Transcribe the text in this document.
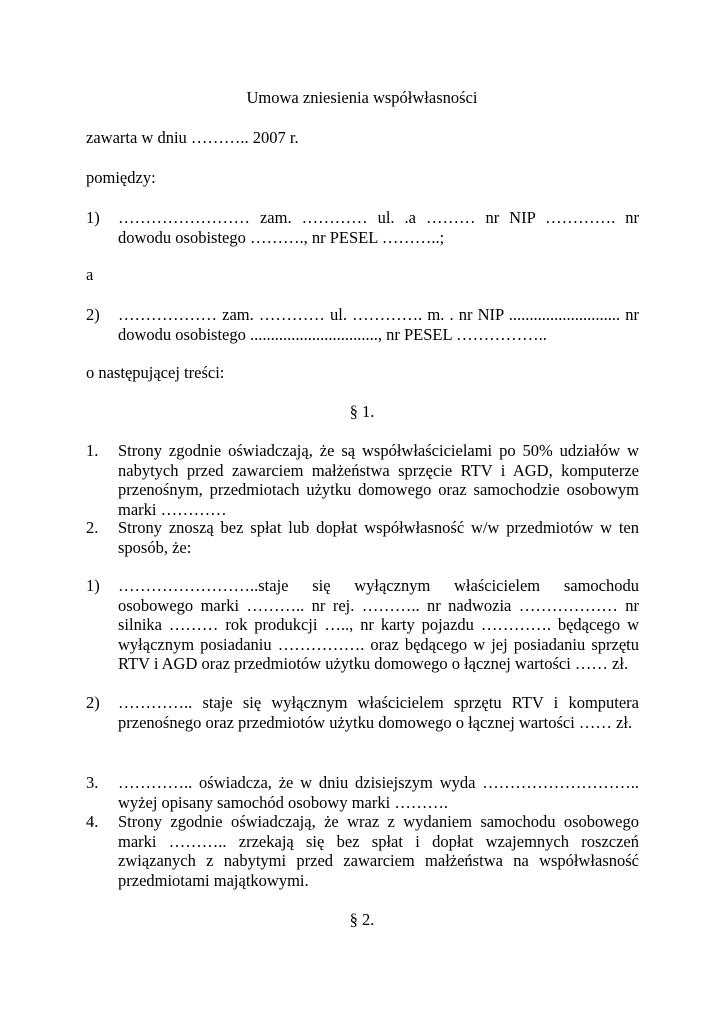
Umowa zniesienia współwłasności
zawarta w dniu ……….. 2007 r.
pomiędzy:
1) …………………… zam. ………… ul. .a ……… nr NIP …………. nr dowodu osobistego ………., nr PESEL ………..;
a
2) ……………… zam. ………… ul. …………. m. . nr NIP ........................... nr dowodu osobistego ..............................., nr PESEL ……………..
o następującej treści:
§ 1.
1. Strony zgodnie oświadczają, że są współwłaścicielami po 50% udziałów w nabytych przed zawarciem małżeństwa sprzęcie RTV i AGD, komputerze przenośnym, przedmiotach użytku domowego oraz samochodzie osobowym marki …………
2. Strony znoszą bez spłat lub dopłat współwłasność w/w przedmiotów w ten sposób, że:
1) ……………………..staje się wyłącznym właścicielem samochodu osobowego marki ……….. nr rej. ……….. nr nadwozia ……………… nr silnika ……… rok produkcji ….., nr karty pojazdu …………. będącego w wyłącznym posiadaniu ……………. oraz będącego w jej posiadaniu sprzętu RTV i AGD oraz przedmiotów użytku domowego o łącznej wartości …… zł.
2) ………….. staje się wyłącznym właścicielem sprzętu RTV i komputera przenośnego oraz przedmiotów użytku domowego o łącznej wartości …… zł.
3. ………….. oświadcza, że w dniu dzisiejszym wyda ……………………….. wyżej opisany samochód osobowy marki ……….
4. Strony zgodnie oświadczają, że wraz z wydaniem samochodu osobowego marki ……….. zrzekają się bez spłat i dopłat wzajemnych roszczeń związanych z nabytymi przed zawarciem małżeństwa na współwłasność przedmiotami majątkowymi.
§ 2.
